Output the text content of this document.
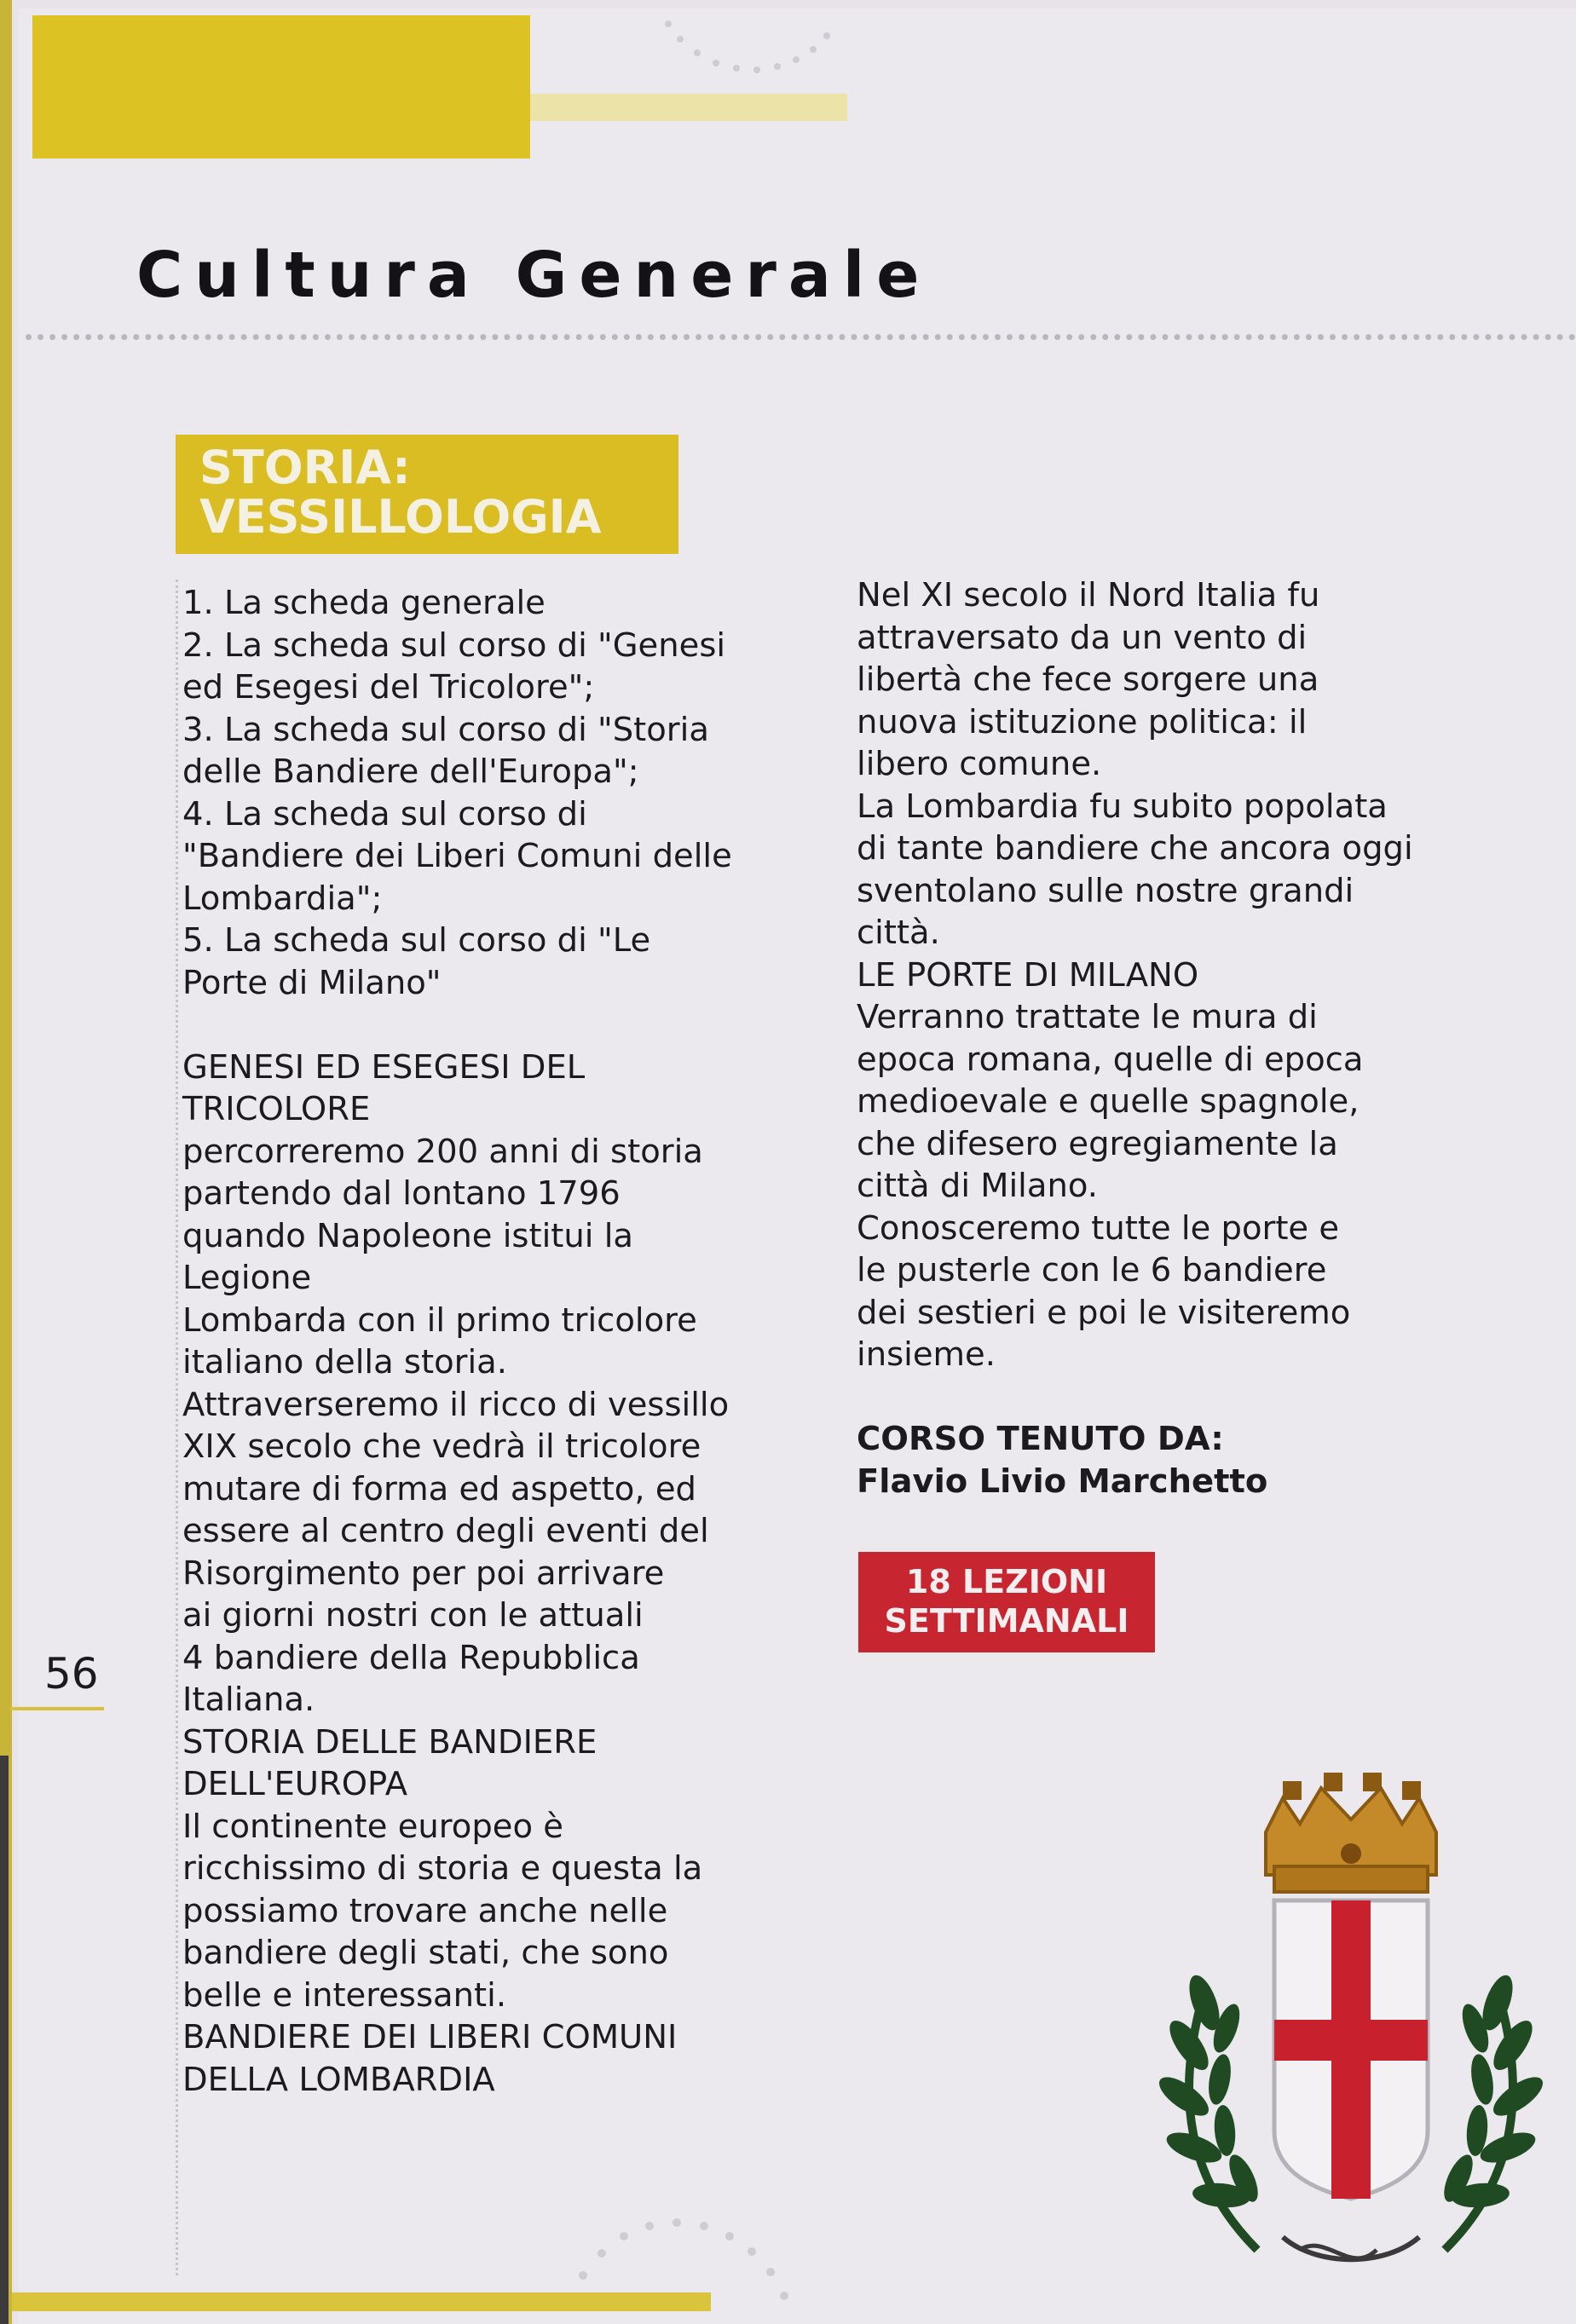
Cultura Generale
STORIA:
VESSILLOLOGIA

1. La scheda generale
2. La scheda sul corso di "Genesi
ed Esegesi del Tricolore";
3. La scheda sul corso di "Storia
delle Bandiere dell'Europa";
4. La scheda sul corso di
"Bandiere dei Liberi Comuni delle
Lombardia";
5. La scheda sul corso di "Le
Porte di Milano"

GENESI ED ESEGESI DEL
TRICOLORE
percorreremo 200 anni di storia
partendo dal lontano 1796
quando Napoleone istitui la
Legione
Lombarda con il primo tricolore
italiano della storia.
Attraverseremo il ricco di vessillo
XIX secolo che vedrà il tricolore
mutare di forma ed aspetto, ed
essere al centro degli eventi del
Risorgimento per poi arrivare
ai giorni nostri con le attuali
4 bandiere della Repubblica
Italiana.
STORIA DELLE BANDIERE
DELL'EUROPA
Il continente europeo è
ricchissimo di storia e questa la
possiamo trovare anche nelle
bandiere degli stati, che sono
belle e interessanti.
BANDIERE DEI LIBERI COMUNI
DELLA LOMBARDIA

Nel XI secolo il Nord Italia fu
attraversato da un vento di
libertà che fece sorgere una
nuova istituzione politica: il
libero comune.
La Lombardia fu subito popolata
di tante bandiere che ancora oggi
sventolano sulle nostre grandi
città.
LE PORTE DI MILANO
Verranno trattate le mura di
epoca romana, quelle di epoca
medioevale e quelle spagnole,
che difesero egregiamente la
città di Milano.
Conosceremo tutte le porte e
le pusterle con le 6 bandiere
dei sestieri e poi le visiteremo
insieme.

CORSO TENUTO DA:
Flavio Livio Marchetto

18 LEZIONI
SETTIMANALI
56
